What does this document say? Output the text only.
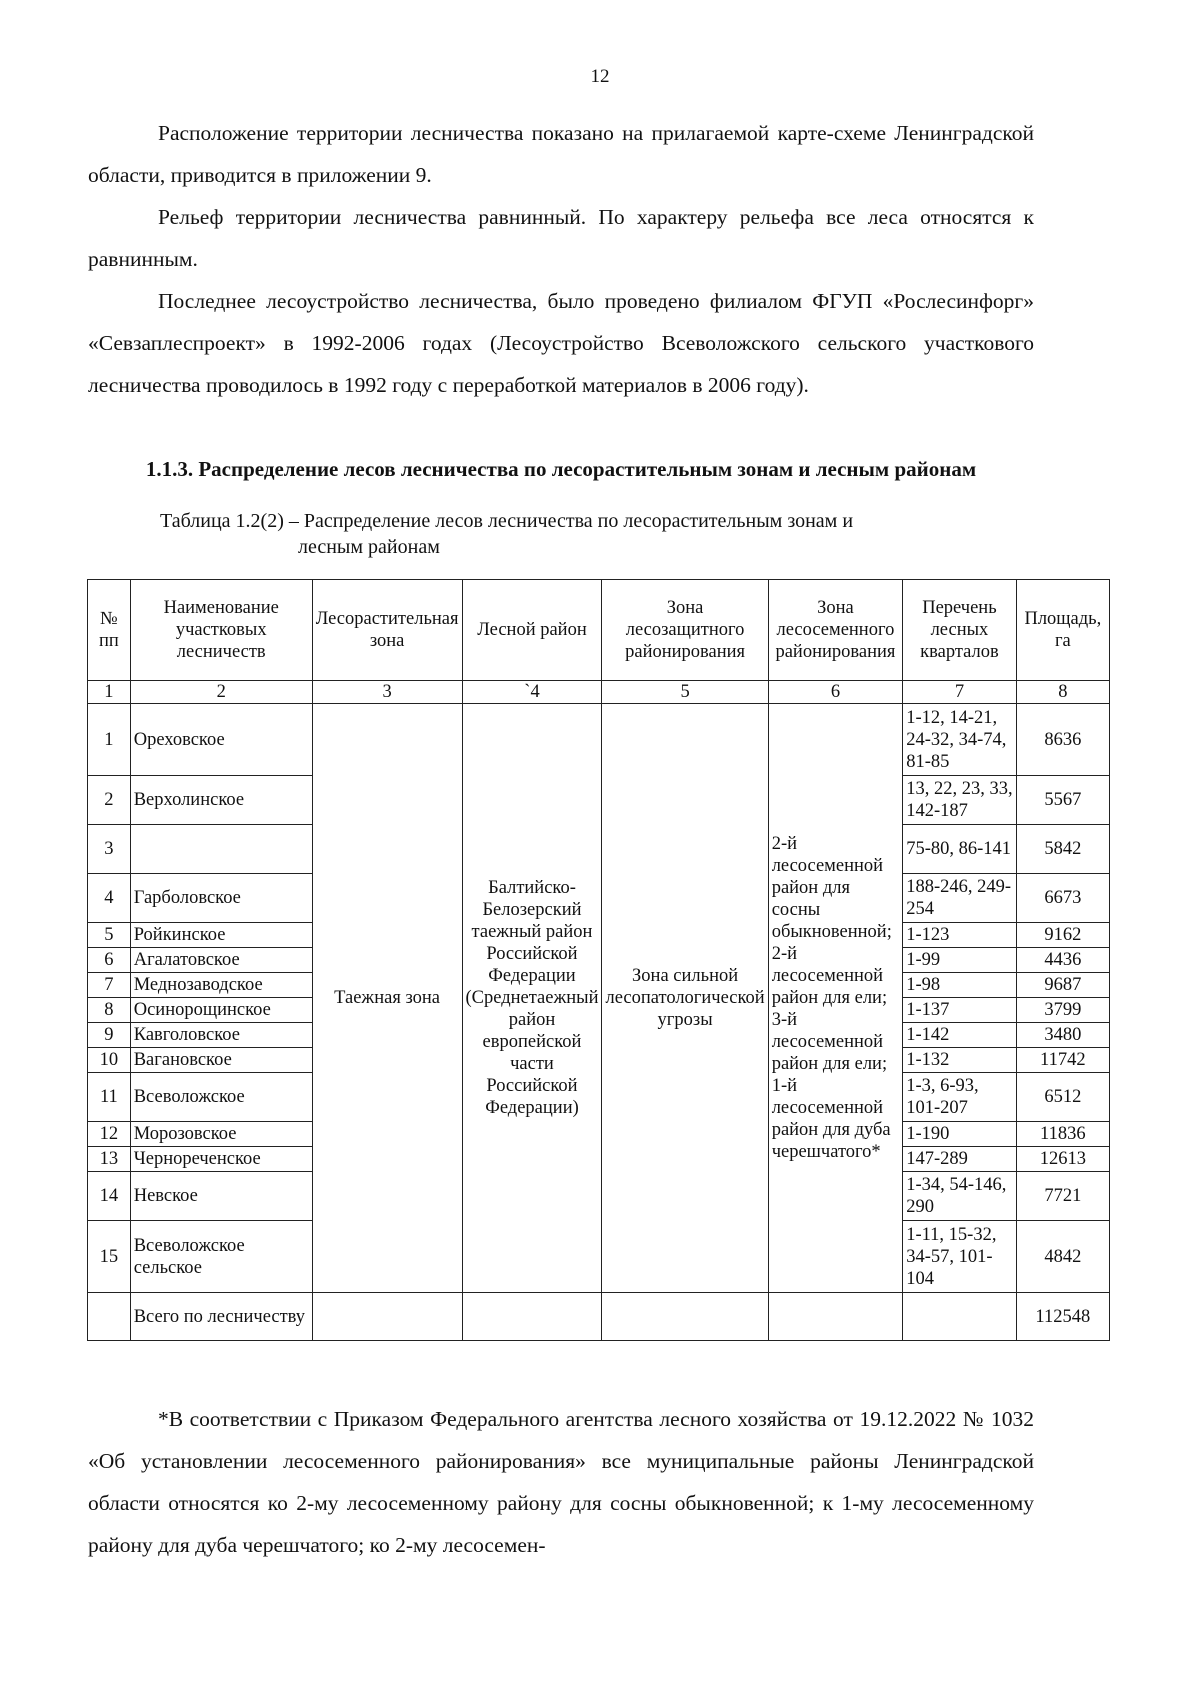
12

Расположение территории лесничества показано на прилагаемой карте-схеме Ленинградской области, приводится в приложении 9.

Рельеф территории лесничества равнинный. По характеру рельефа все леса относятся к равнинным.

Последнее лесоустройство лесничества, было проведено филиалом ФГУП «Рослесинфорг» «Севзаплеспроект» в 1992-2006 годах (Лесоустройство Всеволожского сельского участкового лесничества проводилось в 1992 году с переработкой материалов в 2006 году).

1.1.3. Распределение лесов лесничества по лесорастительным зонам и лесным районам

Таблица 1.2(2) – Распределение лесов лесничества по лесорастительным зонам и
лесным районам

№ пп	Наименование участковых лесничеств	Лесорастительная зона	Лесной район	Зона лесозащитного районирования	Зона лесосеменного районирования	Перечень лесных кварталов	Площадь, га
1	2	3	`4	5	6	7	8
1	Ореховское	Таежная зона	Балтийско-Белозерский таежный район Российской Федерации (Среднетаежный район европейской части Российской Федерации)	Зона сильной лесопатологической угрозы	2-й лесосеменной район для сосны обыкновенной; 2-й лесосеменной район для ели; 3-й лесосеменной район для ели; 1-й лесосеменной район для дуба черешчатого*	1-12, 14-21, 24-32, 34-74, 81-85	8636
2	Верхолинское					13, 22, 23, 33, 142-187	5567
3						75-80, 86-141	5842
4	Гарболовское					188-246, 249-254	6673
5	Ройкинское					1-123	9162
6	Агалатовское					1-99	4436
7	Меднозаводское					1-98	9687
8	Осинорощинское					1-137	3799
9	Кавголовское					1-142	3480
10	Вагановское					1-132	11742
11	Всеволожское					1-3, 6-93, 101-207	6512
12	Морозовское					1-190	11836
13	Чернореченское					147-289	12613
14	Невское					1-34, 54-146, 290	7721
15	Всеволожское сельское					1-11, 15-32, 34-57, 101-104	4842
	Всего по лесничеству						112548

*В соответствии с Приказом Федерального агентства лесного хозяйства от 19.12.2022 № 1032 «Об установлении лесосеменного районирования» все муниципальные районы Ленинградской области относятся ко 2-му лесосеменному району для сосны обыкновенной; к 1-му лесосеменному району для дуба черешчатого; ко 2-му лесосемен-
